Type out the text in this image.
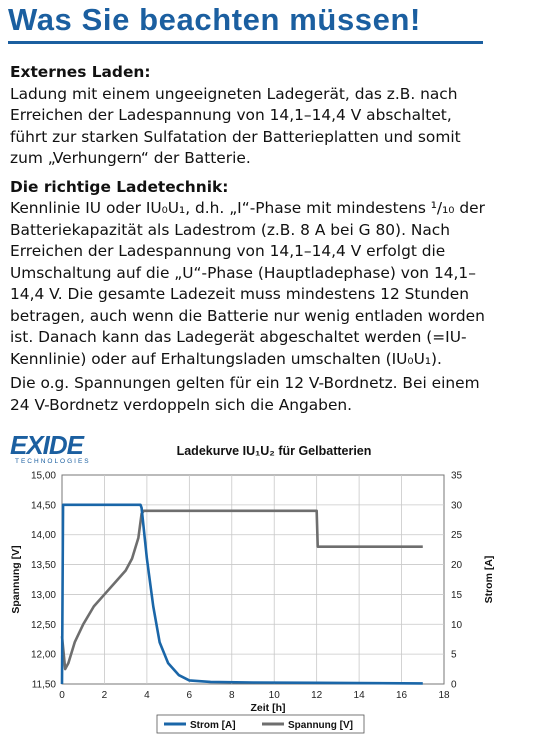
Was Sie beachten müssen!
Externes Laden:

Ladung mit einem ungeeigneten Ladegerät, das z.B. nach Erreichen der Ladespannung von 14,1–14,4 V abschaltet, führt zur starken Sulfatation der Batterieplatten und somit zum „Verhungern“ der Batterie.

Die richtige Ladetechnik:

Kennlinie IU oder IU₀U₁, d.h. „I“-Phase mit mindestens ¹/₁₀ der Batteriekapazität als Ladestrom (z.B. 8 A bei G 80). Nach Erreichen der Ladespannung von 14,1–14,4 V erfolgt die Umschaltung auf die „U“-Phase (Hauptladephase) von 14,1–14,4 V. Die gesamte Ladezeit muss mindestens 12 Stunden betragen, auch wenn die Batterie nur wenig entladen worden ist. Danach kann das Ladegerät abgeschaltet werden (=IU-Kennlinie) oder auf Erhaltungsladen umschalten (IU₀U₁).

Die o.g. Spannungen gelten für ein 12 V-Bordnetz. Bei einem 24 V-Bordnetz verdoppeln sich die Angaben.

EXIDE
TECHNOLOGIES
Ladekurve IU₁U₂ für Gelbatterien
11,50
12,00
12,50
13,00
13,50
14,00
14,50
15,00
0
5
10
15
20
25
30
35
0	2	4	6	8	10	12	14	16	18
Zeit [h]
Spannung [V]	Strom [A]
Strom [A]	Spannung [V]
